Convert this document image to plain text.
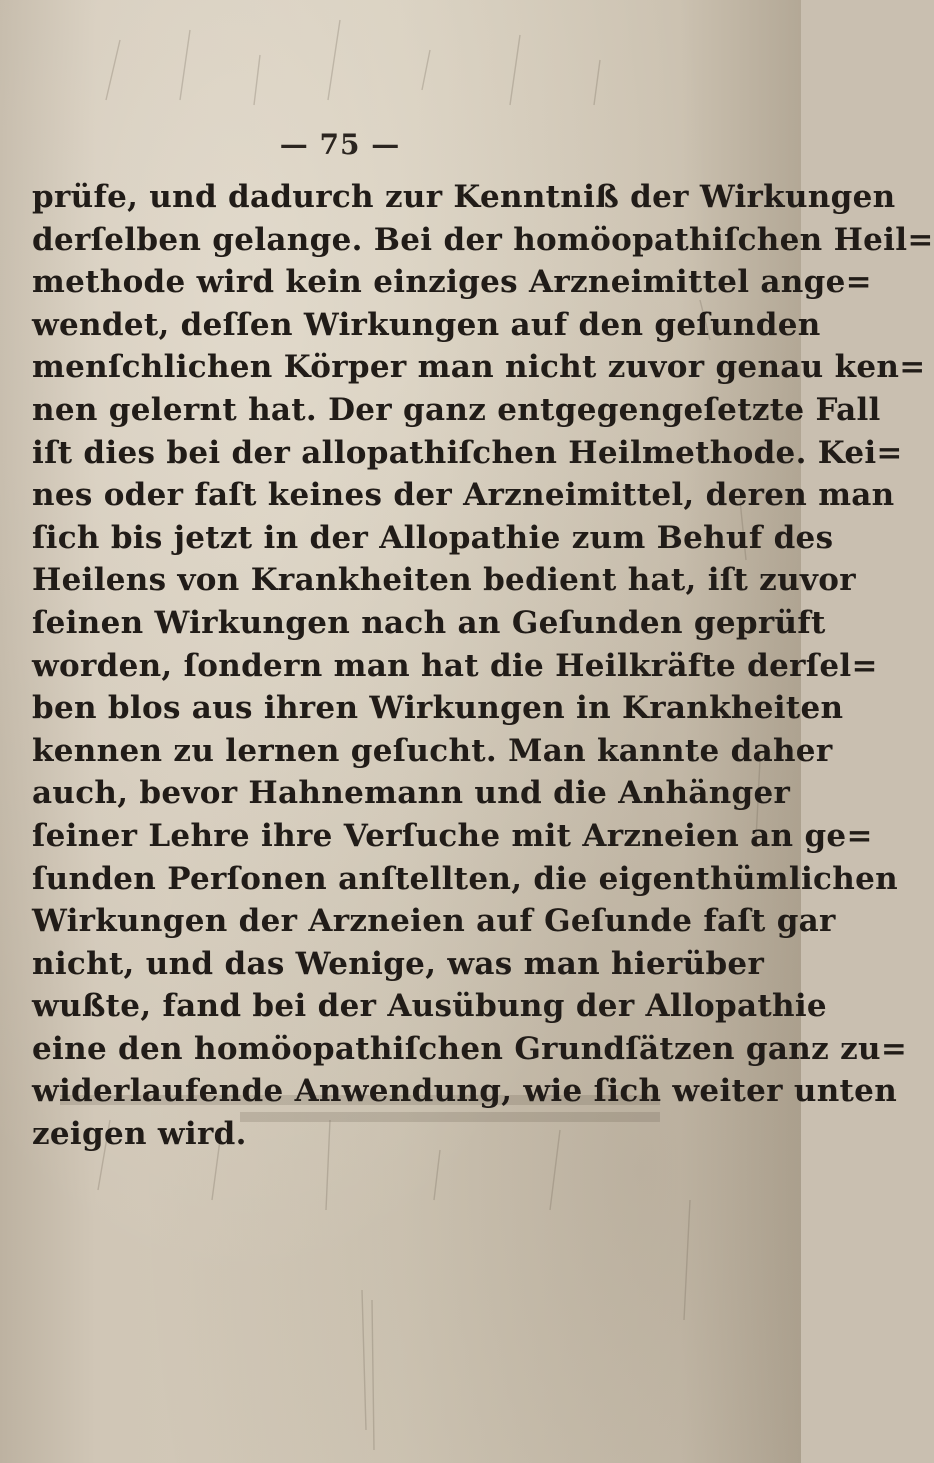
— 75 —
prüfe, und dadurch zur Kenntniß der Wirkungen
derſelben gelange. Bei der homöopathiſchen Heil=
methode wird kein einziges Arzneimittel ange=
wendet, deſſen Wirkungen auf den geſunden
menſchlichen Körper man nicht zuvor genau ken=
nen gelernt hat. Der ganz entgegengeſetzte Fall
iſt dies bei der allopathiſchen Heilmethode. Kei=
nes oder faſt keines der Arzneimittel, deren man
ſich bis jetzt in der Allopathie zum Behuf des
Heilens von Krankheiten bedient hat, iſt zuvor
ſeinen Wirkungen nach an Geſunden geprüft
worden, ſondern man hat die Heilkräfte derſel=
ben blos aus ihren Wirkungen in Krankheiten
kennen zu lernen geſucht. Man kannte daher
auch, bevor Hahnemann und die Anhänger
ſeiner Lehre ihre Verſuche mit Arzneien an ge=
ſunden Perſonen anſtellten, die eigenthümlichen
Wirkungen der Arzneien auf Geſunde faſt gar
nicht, und das Wenige, was man hierüber
wußte, fand bei der Ausübung der Allopathie
eine den homöopathiſchen Grundſätzen ganz zu=
widerlaufende Anwendung, wie ſich weiter unten
zeigen wird.
